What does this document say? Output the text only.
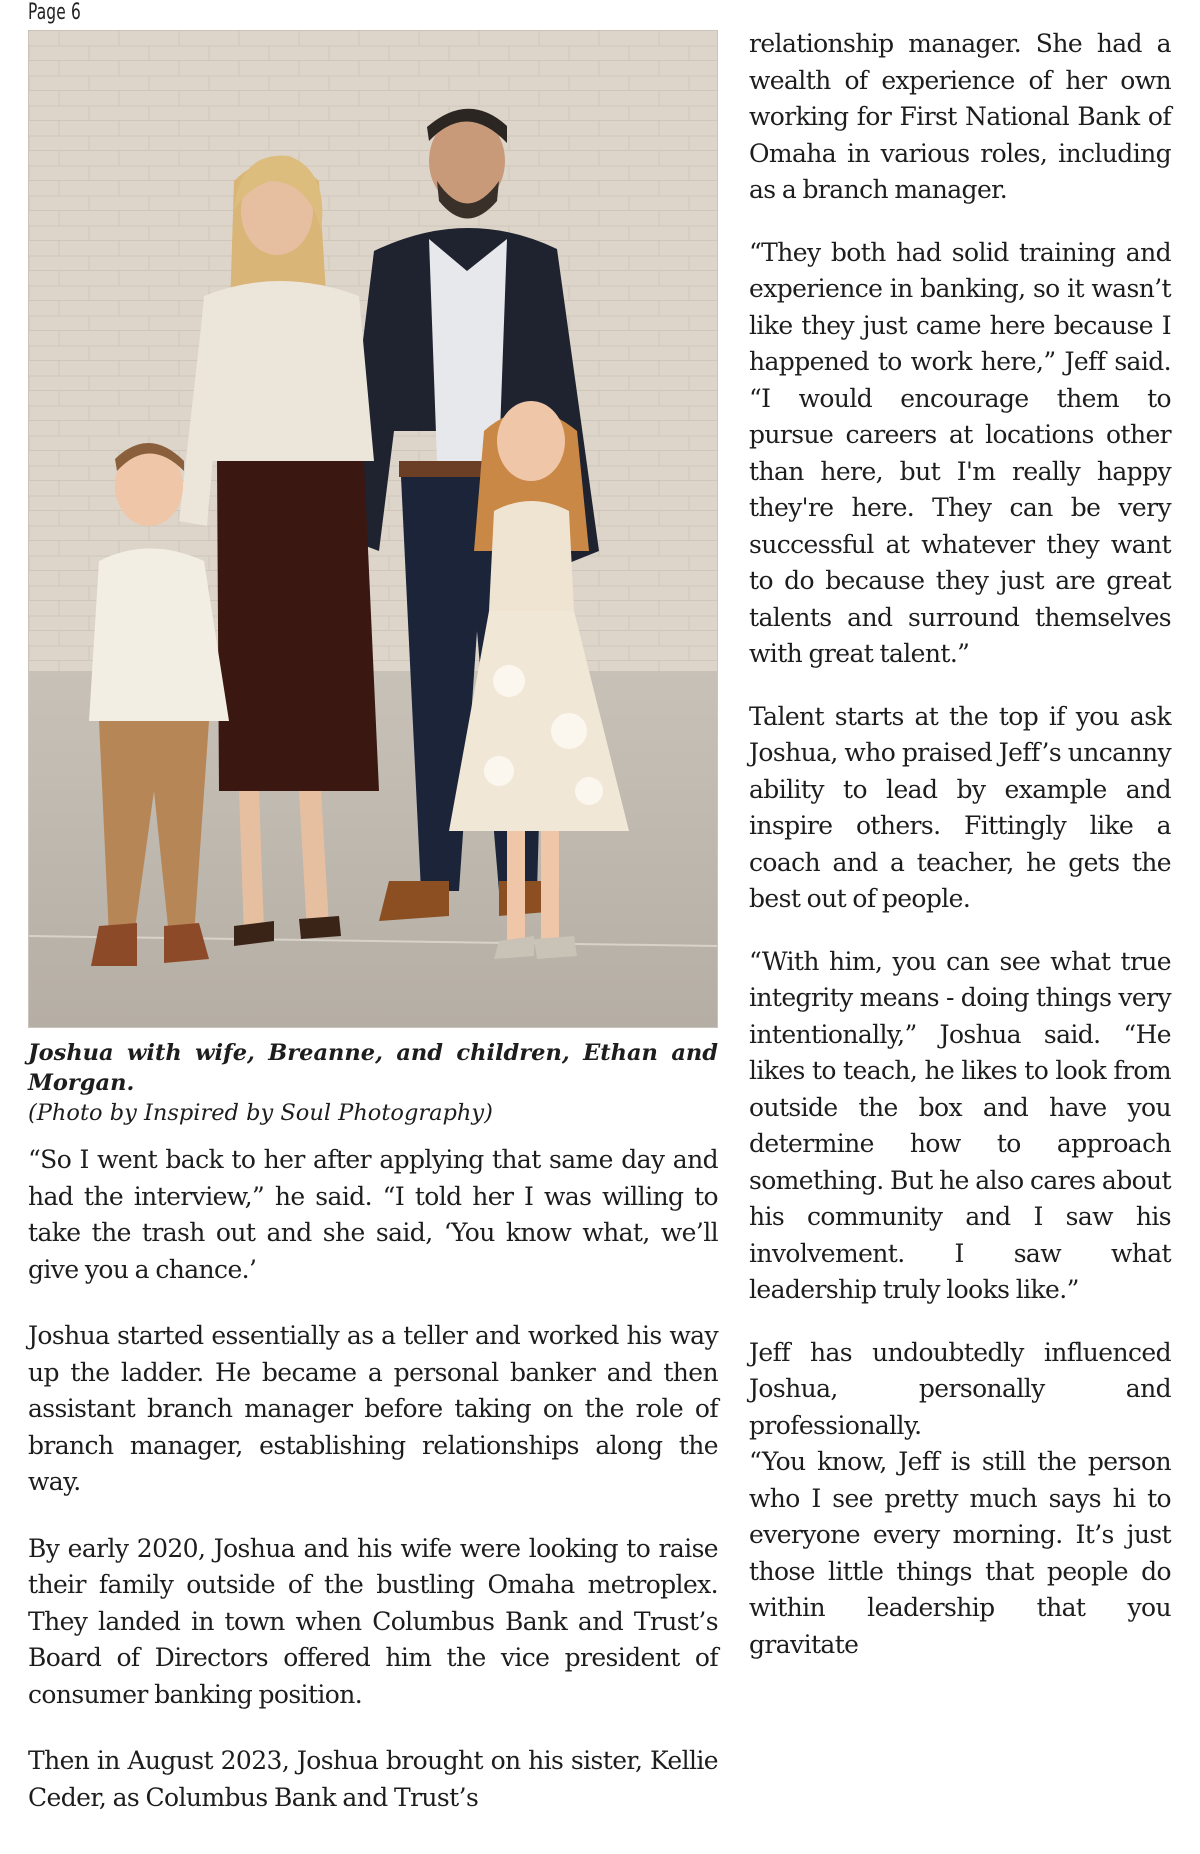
Page 6
Joshua with wife, Breanne, and children, Ethan and Morgan.
(Photo by Inspired by Soul Photography)

“So I went back to her after applying that same day and had the interview,” he said. “I told her I was willing to take the trash out and she said, ‘You know what, we’ll give you a chance.’

Joshua started essentially as a teller and worked his way up the ladder. He became a personal banker and then assistant branch manager before taking on the role of branch manager, establishing relationships along the way.

By early 2020, Joshua and his wife were looking to raise their family outside of the bustling Omaha metroplex. They landed in town when Columbus Bank and Trust’s Board of Directors offered him the vice president of consumer banking position.

Then in August 2023, Joshua brought on his sister, Kellie Ceder, as Columbus Bank and Trust’s

relationship manager. She had a wealth of experience of her own working for First National Bank of Omaha in various roles, including as a branch manager.

“They both had solid training and experience in banking, so it wasn’t like they just came here because I happened to work here,” Jeff said. “I would encourage them to pursue careers at locations other than here, but I'm really happy they're here. They can be very successful at whatever they want to do because they just are great talents and surround themselves with great talent.”

Talent starts at the top if you ask Joshua, who praised Jeff’s uncanny ability to lead by example and inspire others. Fittingly like a coach and a teacher, he gets the best out of people.

“With him, you can see what true integrity means - doing things very intentionally,” Joshua said. “He likes to teach, he likes to look from outside the box and have you determine how to approach something. But he also cares about his community and I saw his involvement. I saw what leadership truly looks like.”

Jeff has undoubtedly influenced Joshua, personally and professionally.

“You know, Jeff is still the person who I see pretty much says hi to everyone every morning. It’s just those little things that people do within leadership that you gravitate
